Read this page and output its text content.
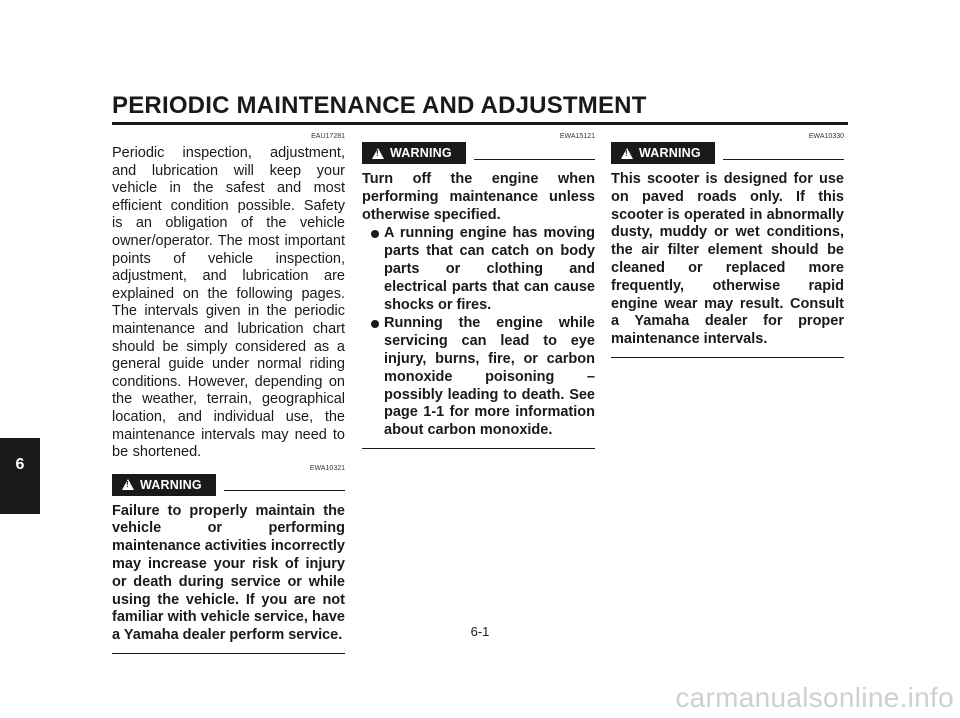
PERIODIC MAINTENANCE AND ADJUSTMENT
6
EAU17281

Periodic inspection, adjustment, and lubrication will keep your vehicle in the safest and most efficient condition possible. Safety is an obligation of the vehicle owner/operator. The most important points of vehicle inspection, adjustment, and lubrication are explained on the following pages. The intervals given in the periodic maintenance and lubrication chart should be simply considered as a general guide under normal riding conditions. However, depending on the weather, terrain, geographical location, and individual use, the maintenance intervals may need to be shortened.

EWA10321
!
WARNING

Failure to properly maintain the vehicle or performing maintenance activities incorrectly may increase your risk of injury or death during service or while using the vehicle. If you are not familiar with vehicle service, have a Yamaha dealer perform service.

EWA15121
!
WARNING

Turn off the engine when performing maintenance unless otherwise specified.

A running engine has moving parts that can catch on body parts or clothing and electrical parts that can cause shocks or fires.
Running the engine while servicing can lead to eye injury, burns, fire, or carbon monoxide poisoning – possibly leading to death. See page 1-1 for more information about carbon monoxide.
EWA10330
!
WARNING

This scooter is designed for use on paved roads only. If this scooter is operated in abnormally dusty, muddy or wet conditions, the air filter element should be cleaned or replaced more frequently, otherwise rapid engine wear may result. Consult a Yamaha dealer for proper maintenance intervals.

6-1
carmanualsonline.info
